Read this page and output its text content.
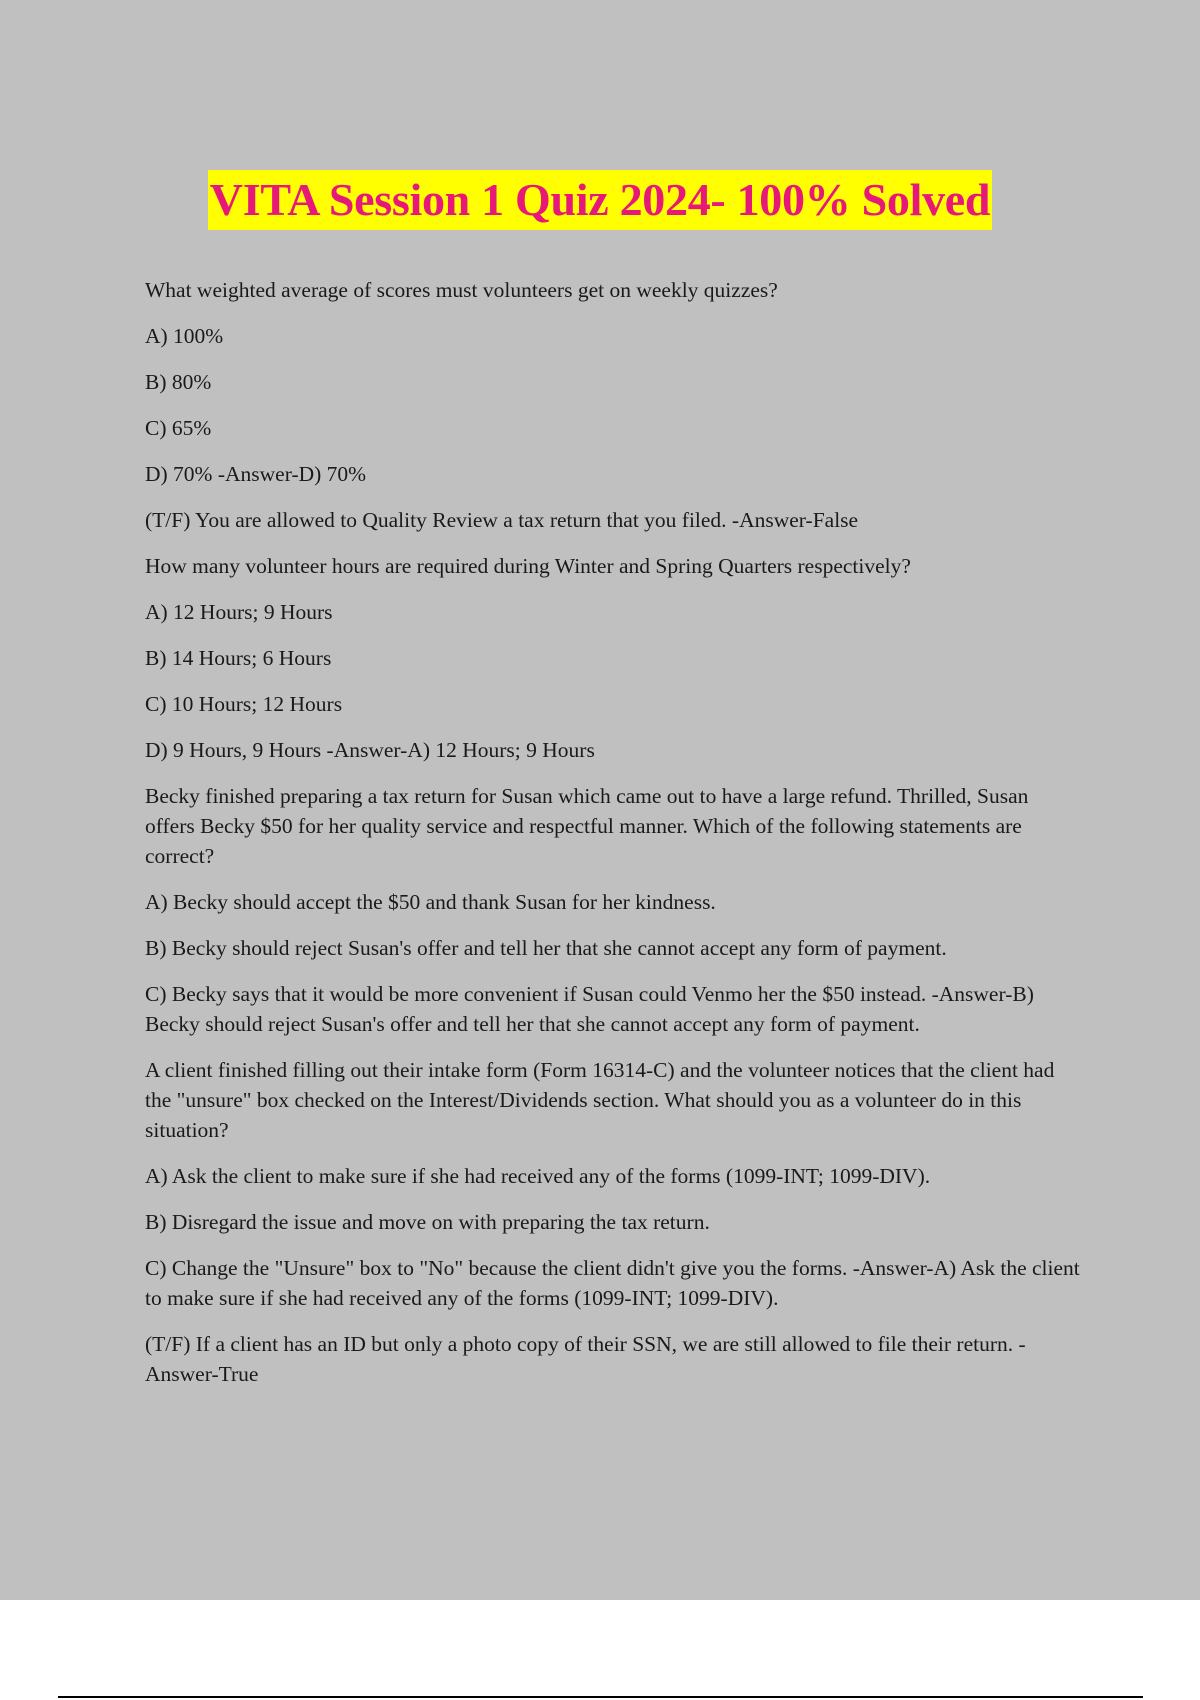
VITA Session 1 Quiz 2024- 100% Solved

What weighted average of scores must volunteers get on weekly quizzes?

A) 100%

B) 80%

C) 65%

D) 70% -Answer-D) 70%

(T/F) You are allowed to Quality Review a tax return that you filed. -Answer-False

How many volunteer hours are required during Winter and Spring Quarters respectively?

A) 12 Hours; 9 Hours

B) 14 Hours; 6 Hours

C) 10 Hours; 12 Hours

D) 9 Hours, 9 Hours -Answer-A) 12 Hours; 9 Hours

Becky finished preparing a tax return for Susan which came out to have a large refund. Thrilled, Susan offers Becky $50 for her quality service and respectful manner. Which of the following statements are correct?

A) Becky should accept the $50 and thank Susan for her kindness.

B) Becky should reject Susan's offer and tell her that she cannot accept any form of payment.

C) Becky says that it would be more convenient if Susan could Venmo her the $50 instead. -Answer-B) Becky should reject Susan's offer and tell her that she cannot accept any form of payment.

A client finished filling out their intake form (Form 16314-C) and the volunteer notices that the client had the "unsure" box checked on the Interest/Dividends section. What should you as a volunteer do in this situation?

A) Ask the client to make sure if she had received any of the forms (1099-INT; 1099-DIV).

B) Disregard the issue and move on with preparing the tax return.

C) Change the "Unsure" box to "No" because the client didn't give you the forms. -Answer-A) Ask the client to make sure if she had received any of the forms (1099-INT; 1099-DIV).

(T/F) If a client has an ID but only a photo copy of their SSN, we are still allowed to file their return. -Answer-True
